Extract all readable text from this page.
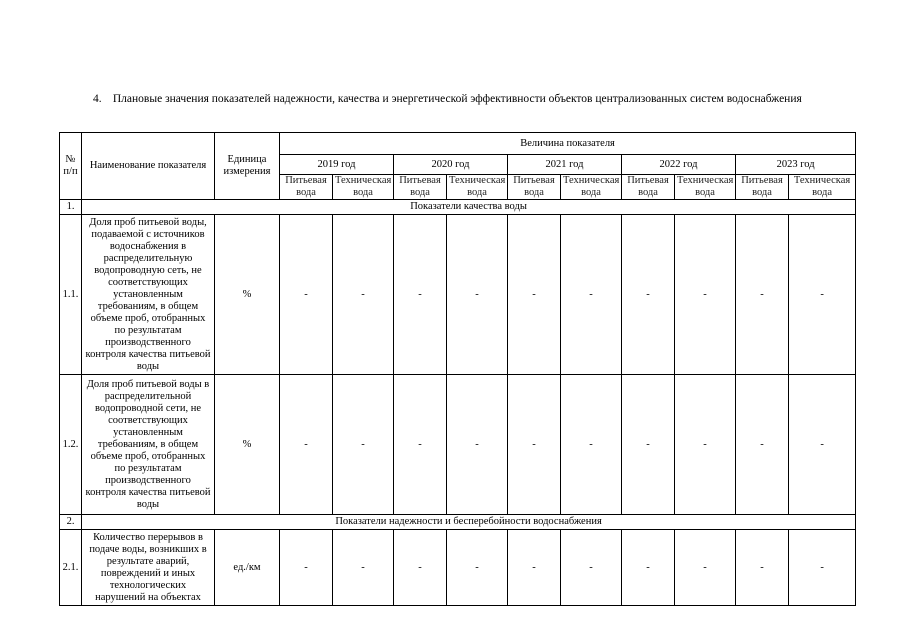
4. Плановые значения показателей надежности, качества и энергетической эффективности объектов централизованных систем водоснабжения
№ п/п	Наименование показателя	Единица измерения	Величина показателя									
			2019 год		2020 год		2021 год		2022 год		2023 год	
			Питьевая вода	Техническая вода	Питьевая вода	Техническая вода	Питьевая вода	Техническая вода	Питьевая вода	Техническая вода	Питьевая вода	Техническая вода
1.	Показатели качества воды											
1.1.	Доля проб питьевой воды, подаваемой с источников водоснабжения в распределительную водопроводную сеть, не соответствующих установленным требованиям, в общем объеме проб, отобранных по результатам производственного контроля качества питьевой воды	%	-	-	-	-	-	-	-	-	-	-
1.2.	Доля проб питьевой воды в распределительной водопроводной сети, не соответствующих установленным требованиям, в общем объеме проб, отобранных по результатам производственного контроля качества питьевой воды	%	-	-	-	-	-	-	-	-	-	-
2.	Показатели надежности и бесперебойности водоснабжения											
2.1.	Количество перерывов в подаче воды, возникших в результате аварий, повреждений и иных технологических нарушений на объектах	ед./км	-	-	-	-	-	-	-	-	-	-
